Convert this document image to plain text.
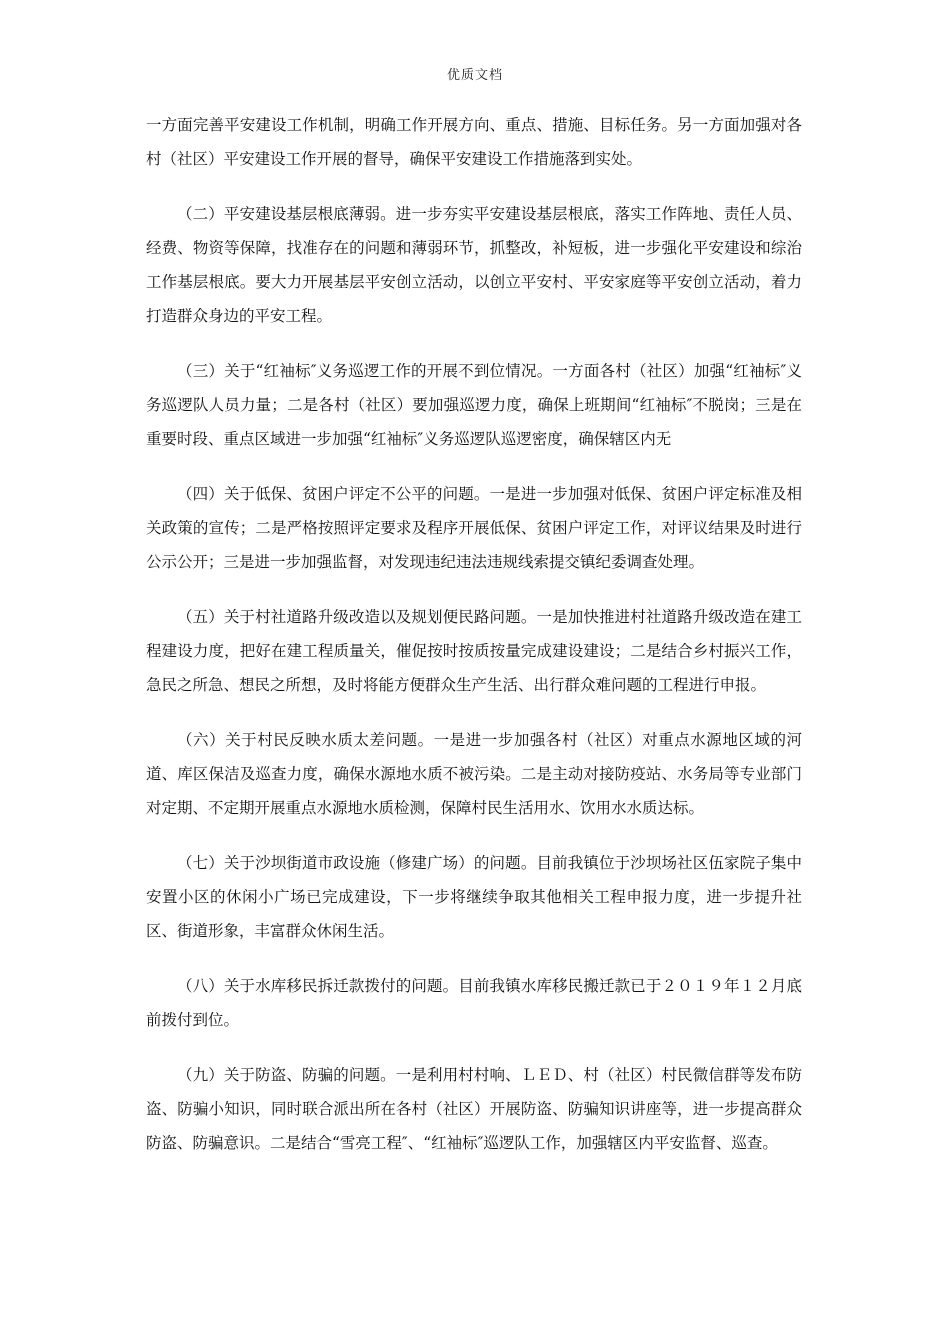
优质文档

一方面完善平安建设工作机制，明确工作开展方向、重点、措施、目标任务。另一方面加强对各村（社区）平安建设工作开展的督导，确保平安建设工作措施落到实处。

（二）平安建设基层根底薄弱。进一步夯实平安建设基层根底，落实工作阵地、责任人员、经费、物资等保障，找准存在的问题和薄弱环节，抓整改，补短板，进一步强化平安建设和综治工作基层根底。要大力开展基层平安创立活动，以创立平安村、平安家庭等平安创立活动，着力打造群众身边的平安工程。

（三）关于“红袖标″义务巡逻工作的开展不到位情况。一方面各村（社区）加强“红袖标″义务巡逻队人员力量；二是各村（社区）要加强巡逻力度，确保上班期间“红袖标″不脱岗；三是在重要时段、重点区域进一步加强“红袖标″义务巡逻队巡逻密度，确保辖区内无

（四）关于低保、贫困户评定不公平的问题。一是进一步加强对低保、贫困户评定标准及相关政策的宣传；二是严格按照评定要求及程序开展低保、贫困户评定工作，对评议结果及时进行公示公开；三是进一步加强监督，对发现违纪违法违规线索提交镇纪委调查处理。

（五）关于村社道路升级改造以及规划便民路问题。一是加快推进村社道路升级改造在建工程建设力度，把好在建工程质量关，催促按时按质按量完成建设建设；二是结合乡村振兴工作，急民之所急、想民之所想，及时将能方便群众生产生活、出行群众难问题的工程进行申报。

（六）关于村民反映水质太差问题。一是进一步加强各村（社区）对重点水源地区域的河道、库区保洁及巡查力度，确保水源地水质不被污染。二是主动对接防疫站、水务局等专业部门对定期、不定期开展重点水源地水质检测，保障村民生活用水、饮用水水质达标。

（七）关于沙坝街道市政设施（修建广场）的问题。目前我镇位于沙坝场社区伍家院子集中安置小区的休闲小广场已完成建设，下一步将继续争取其他相关工程申报力度，进一步提升社区、街道形象，丰富群众休闲生活。

（八）关于水库移民拆迁款拨付的问题。目前我镇水库移民搬迁款已于２０１９年１２月底前拨付到位。

（九）关于防盗、防骗的问题。一是利用村村响、ＬＥＤ、村（社区）村民微信群等发布防盗、防骗小知识，同时联合派出所在各村（社区）开展防盗、防骗知识讲座等，进一步提高群众防盗、防骗意识。二是结合“雪亮工程″、“红袖标″巡逻队工作，加强辖区内平安监督、巡查。
